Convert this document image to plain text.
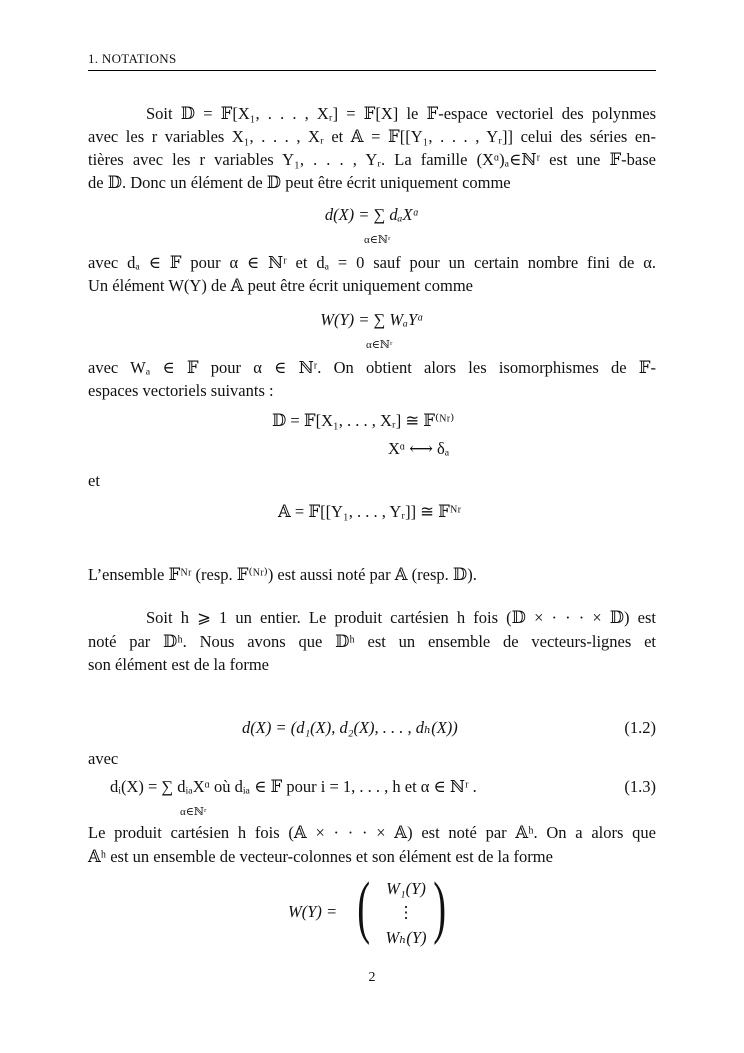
1. NOTATIONS
Soit 𝔻 = 𝔽[X₁, . . . , Xᵣ] = 𝔽[X] le 𝔽-espace vectoriel des polynmes
avec les r variables X₁, . . . , Xᵣ et 𝔸 = 𝔽[[Y₁, . . . , Yᵣ]] celui des séries en-
tières avec les r variables Y₁, . . . , Yᵣ. La famille (Xᵅ)ₐ∈ℕʳ est une 𝔽-base
de 𝔻. Donc un élément de 𝔻 peut être écrit uniquement comme
d(X) = ∑ dₐXᵅ
α∈ℕʳ
avec dₐ ∈ 𝔽 pour α ∈ ℕʳ et dₐ = 0 sauf pour un certain nombre fini de α.
Un élément W(Y) de 𝔸 peut être écrit uniquement comme
W(Y) = ∑ WₐYᵅ
α∈ℕʳ
avec Wₐ ∈ 𝔽 pour α ∈ ℕʳ. On obtient alors les isomorphismes de 𝔽-
espaces vectoriels suivants :
𝔻 = 𝔽[X₁, . . . , Xᵣ] ≅ 𝔽⁽ᴺʳ⁾
Xᵅ ⟷ δₐ
et
𝔸 = 𝔽[[Y₁, . . . , Yᵣ]] ≅ 𝔽ᴺʳ
L’ensemble 𝔽ᴺʳ (resp. 𝔽⁽ᴺʳ⁾) est aussi noté par 𝔸 (resp. 𝔻).
Soit h ⩾ 1 un entier. Le produit cartésien h fois (𝔻 × · · · × 𝔻) est
noté par 𝔻ʰ. Nous avons que 𝔻ʰ est un ensemble de vecteurs-lignes et
son élément est de la forme
d(X) = (d₁(X), d₂(X), . . . , dₕ(X))	(1.2)
avec
dᵢ(X) = ∑ dᵢₐXᵅ où dᵢₐ ∈ 𝔽 pour i = 1, . . . , h et α ∈ ℕʳ .
α∈ℕʳ
(1.3)
Le produit cartésien h fois (𝔸 × · · · × 𝔸) est noté par 𝔸ʰ. On a alors que
𝔸ʰ est un ensemble de vecteur-colonnes et son élément est de la forme
W(Y) = ( )
W₁(Y)
⋮
Wₕ(Y)
2
